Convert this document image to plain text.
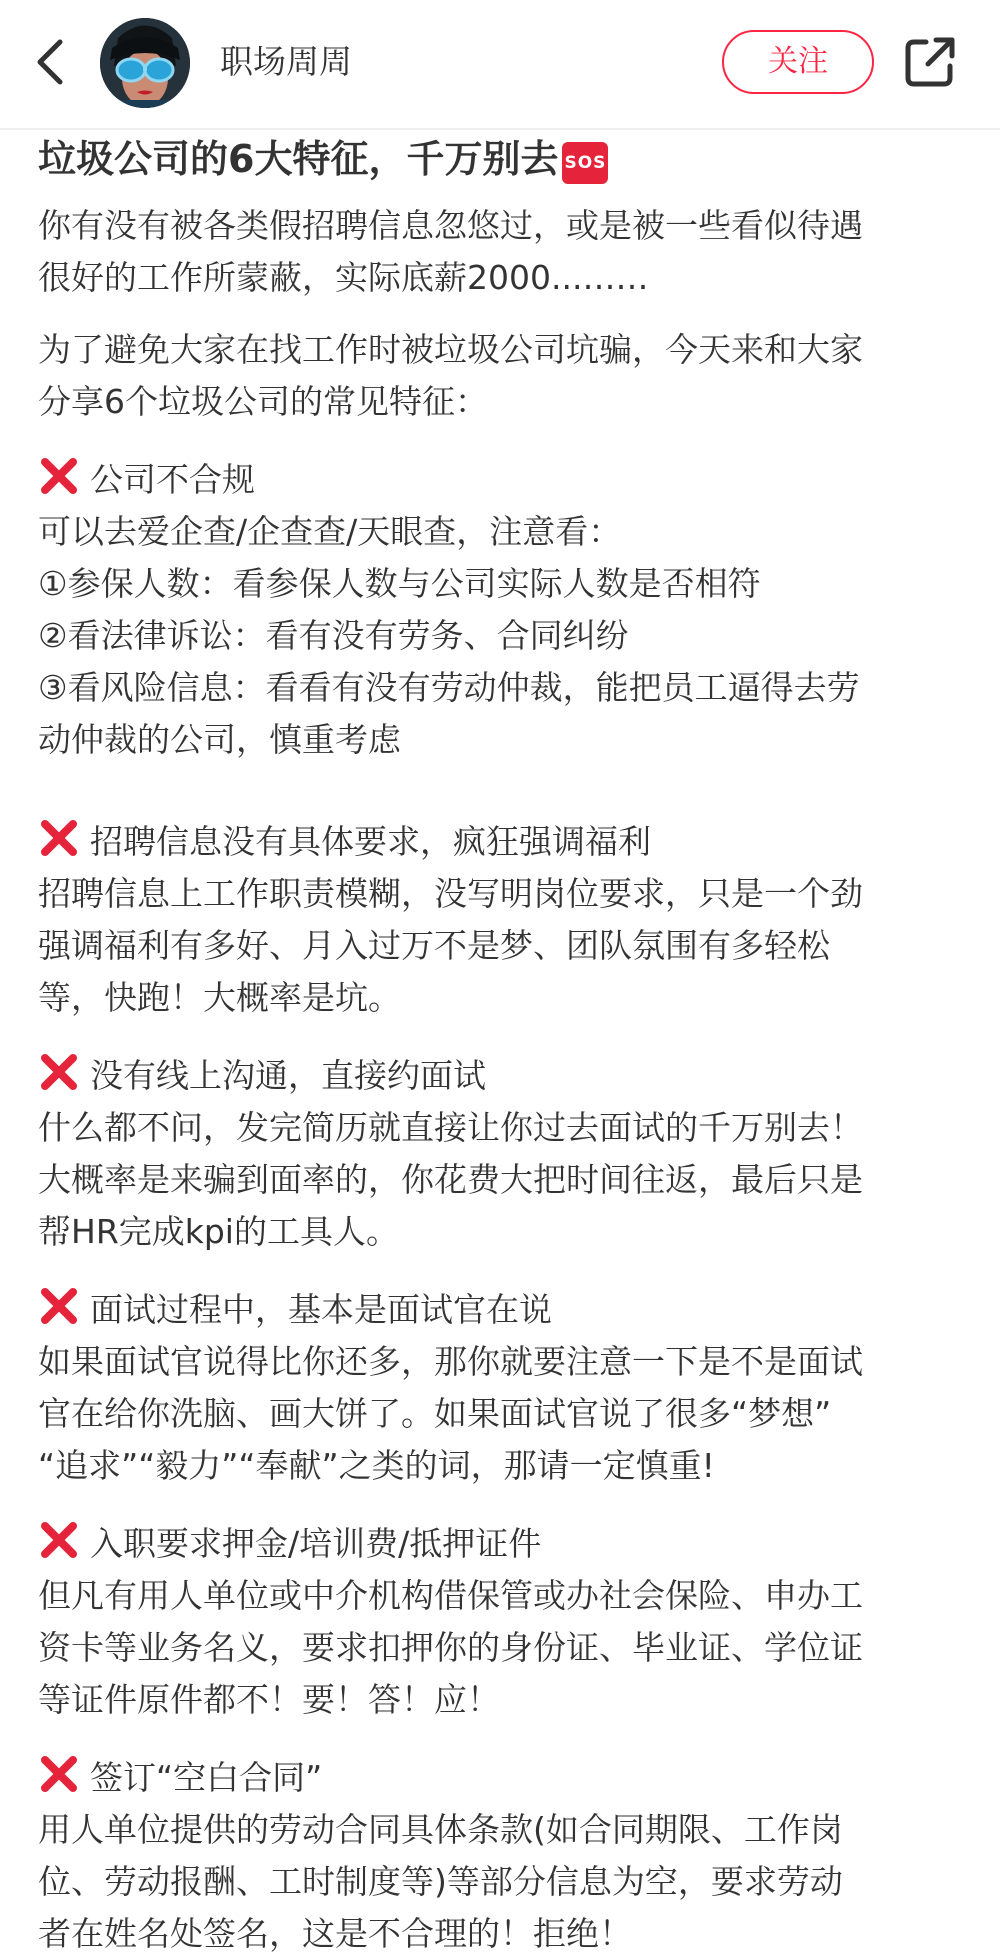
职场周周	关注
垃圾公司的6大特征，千万别去 SOS
你有没有被各类假招聘信息忽悠过，或是被一些看似待遇
很好的工作所蒙蔽，实际底薪2000...……
为了避免大家在找工作时被垃圾公司坑骗，今天来和大家
分享6个垃圾公司的常见特征：
公司不合规
可以去爱企查/企查查/天眼查，注意看：
①参保人数：看参保人数与公司实际人数是否相符
②看法律诉讼：看有没有劳务、合同纠纷
③看风险信息：看看有没有劳动仲裁，能把员工逼得去劳
动仲裁的公司，慎重考虑
招聘信息没有具体要求，疯狂强调福利
招聘信息上工作职责模糊，没写明岗位要求，只是一个劲
强调福利有多好、月入过万不是梦、团队氛围有多轻松
等，快跑！大概率是坑。
没有线上沟通，直接约面试
什么都不问，发完简历就直接让你过去面试的千万别去！
大概率是来骗到面率的，你花费大把时间往返，最后只是
帮HR完成kpi的工具人。
面试过程中，基本是面试官在说
如果面试官说得比你还多，那你就要注意一下是不是面试
官在给你洗脑、画大饼了。如果面试官说了很多“梦想”
“追求”“毅力”“奉献”之类的词，那请一定慎重!
入职要求押金/培训费/抵押证件
但凡有用人单位或中介机构借保管或办社会保险、申办工
资卡等业务名义，要求扣押你的身份证、毕业证、学位证
等证件原件都不！要！答！应！
签订“空白合同”
用人单位提供的劳动合同具体条款(如合同期限、工作岗
位、劳动报酬、工时制度等)等部分信息为空，要求劳动
者在姓名处签名，这是不合理的！拒绝！
